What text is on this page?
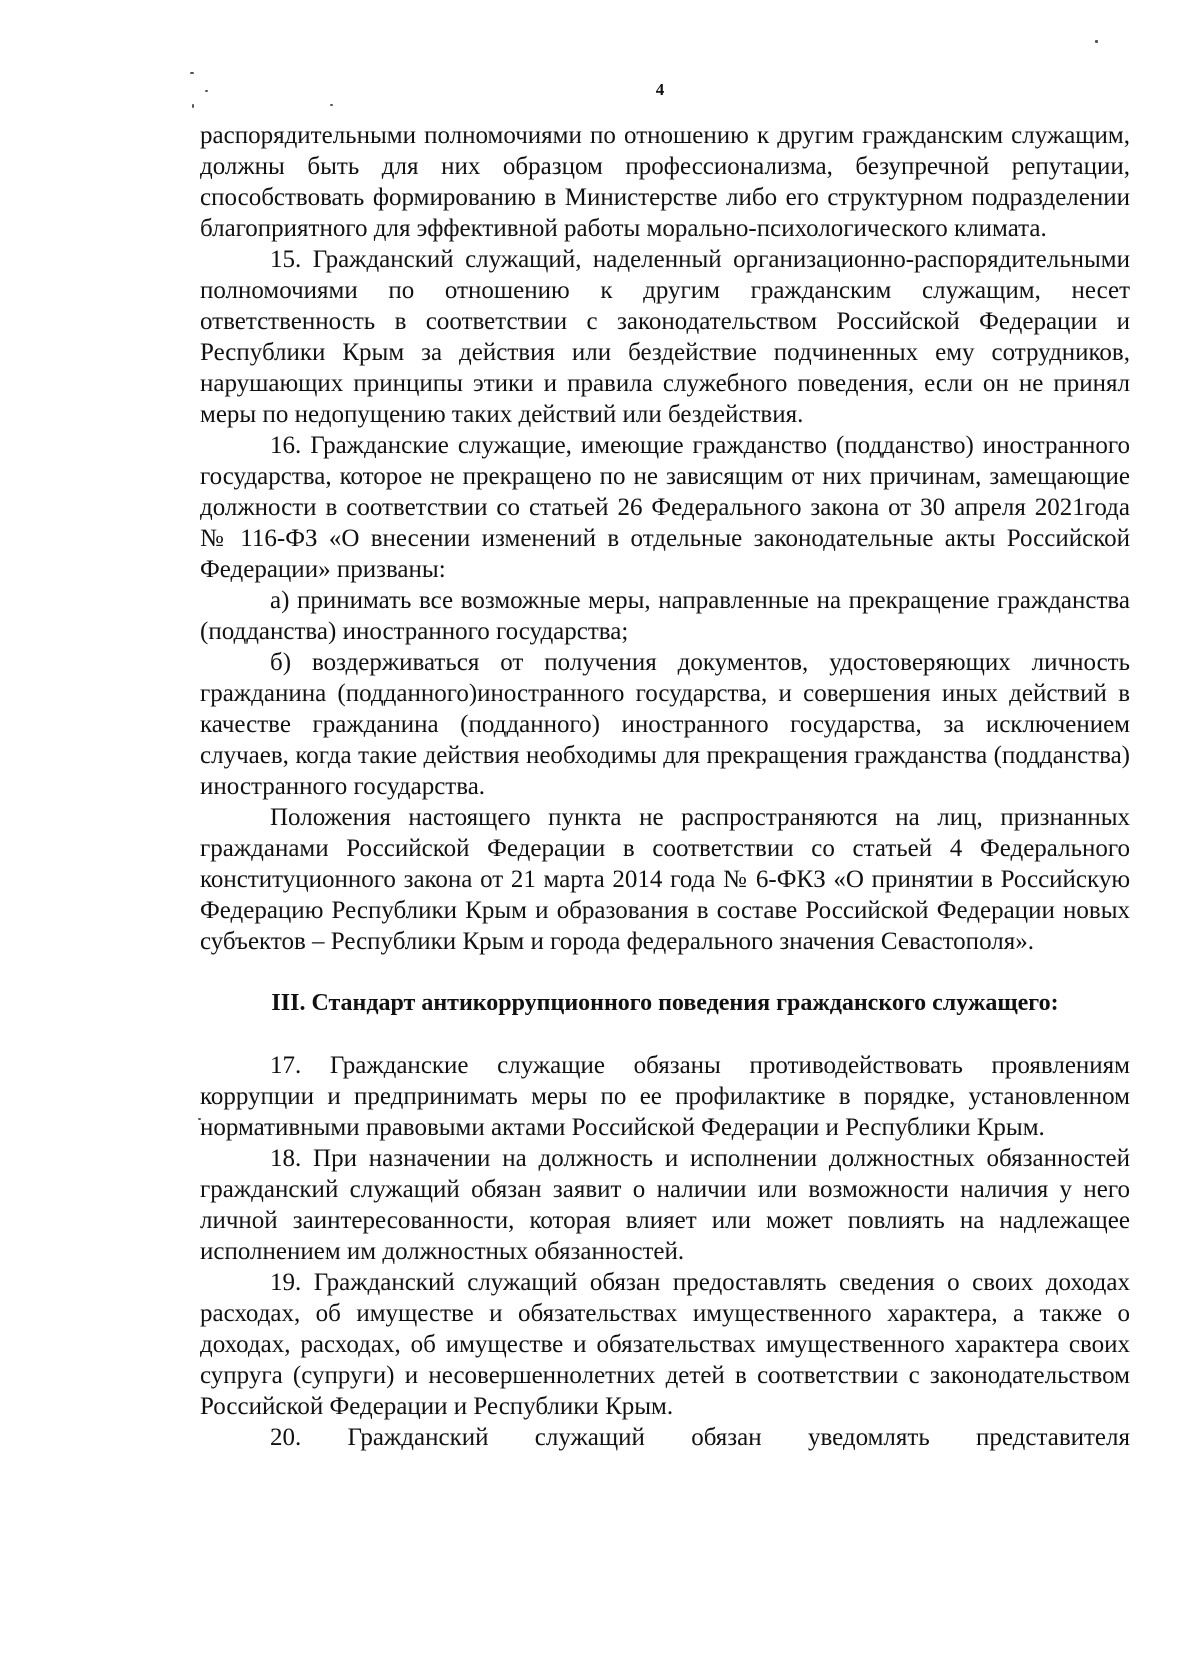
4

распорядительными полномочиями по отношению к другим гражданским служащим, должны быть для них образцом профессионализма, безупречной репутации, способствовать формированию в Министерстве либо его структурном подразделении благоприятного для эффективной работы морально-психологического климата.

15. Гражданский служащий, наделенный организационно-распорядительными полномочиями по отношению к другим гражданским служащим, несет ответственность в соответствии с законодательством Российской Федерации и Республики Крым за действия или бездействие подчиненных ему сотрудников, нарушающих принципы этики и правила служебного поведения, если он не принял меры по недопущению таких действий или бездействия.

16. Гражданские служащие, имеющие гражданство (подданство) иностранного государства, которое не прекращено по не зависящим от них причинам, замещающие должности в соответствии со статьей 26 Федерального закона от 30 апреля 2021года № 116-ФЗ «О внесении изменений в отдельные законодательные акты Российской Федерации» призваны:

а) принимать все возможные меры, направленные на прекращение гражданства (подданства) иностранного государства;

б) воздерживаться от получения документов, удостоверяющих личность гражданина (подданного)иностранного государства, и совершения иных действий в качестве гражданина (подданного) иностранного государства, за исключением случаев, когда такие действия необходимы для прекращения гражданства (подданства) иностранного государства.

Положения настоящего пункта не распространяются на лиц, признанных гражданами Российской Федерации в соответствии со статьей 4 Федерального конституционного закона от 21 марта 2014 года № 6-ФКЗ «О принятии в Российскую Федерацию Республики Крым и образования в составе Российской Федерации новых субъектов – Республики Крым и города федерального значения Севастополя».

III. Стандарт антикоррупционного поведения гражданского служащего:

17. Гражданские служащие обязаны противодействовать проявлениям коррупции и предпринимать меры по ее профилактике в порядке, установленном нормативными правовыми актами Российской Федерации и Республики Крым.

18. При назначении на должность и исполнении должностных обязанностей гражданский служащий обязан заявит о наличии или возможности наличия у него личной заинтересованности, которая влияет или может повлиять на надлежащее исполнением им должностных обязанностей.

19. Гражданский служащий обязан предоставлять сведения о своих доходах расходах, об имуществе и обязательствах имущественного характера, а также о доходах, расходах, об имуществе и обязательствах имущественного характера своих супруга (супруги) и несовершеннолетних детей в соответствии с законодательством Российской Федерации и Республики Крым.

20. Гражданский служащий обязан уведомлять представителя
